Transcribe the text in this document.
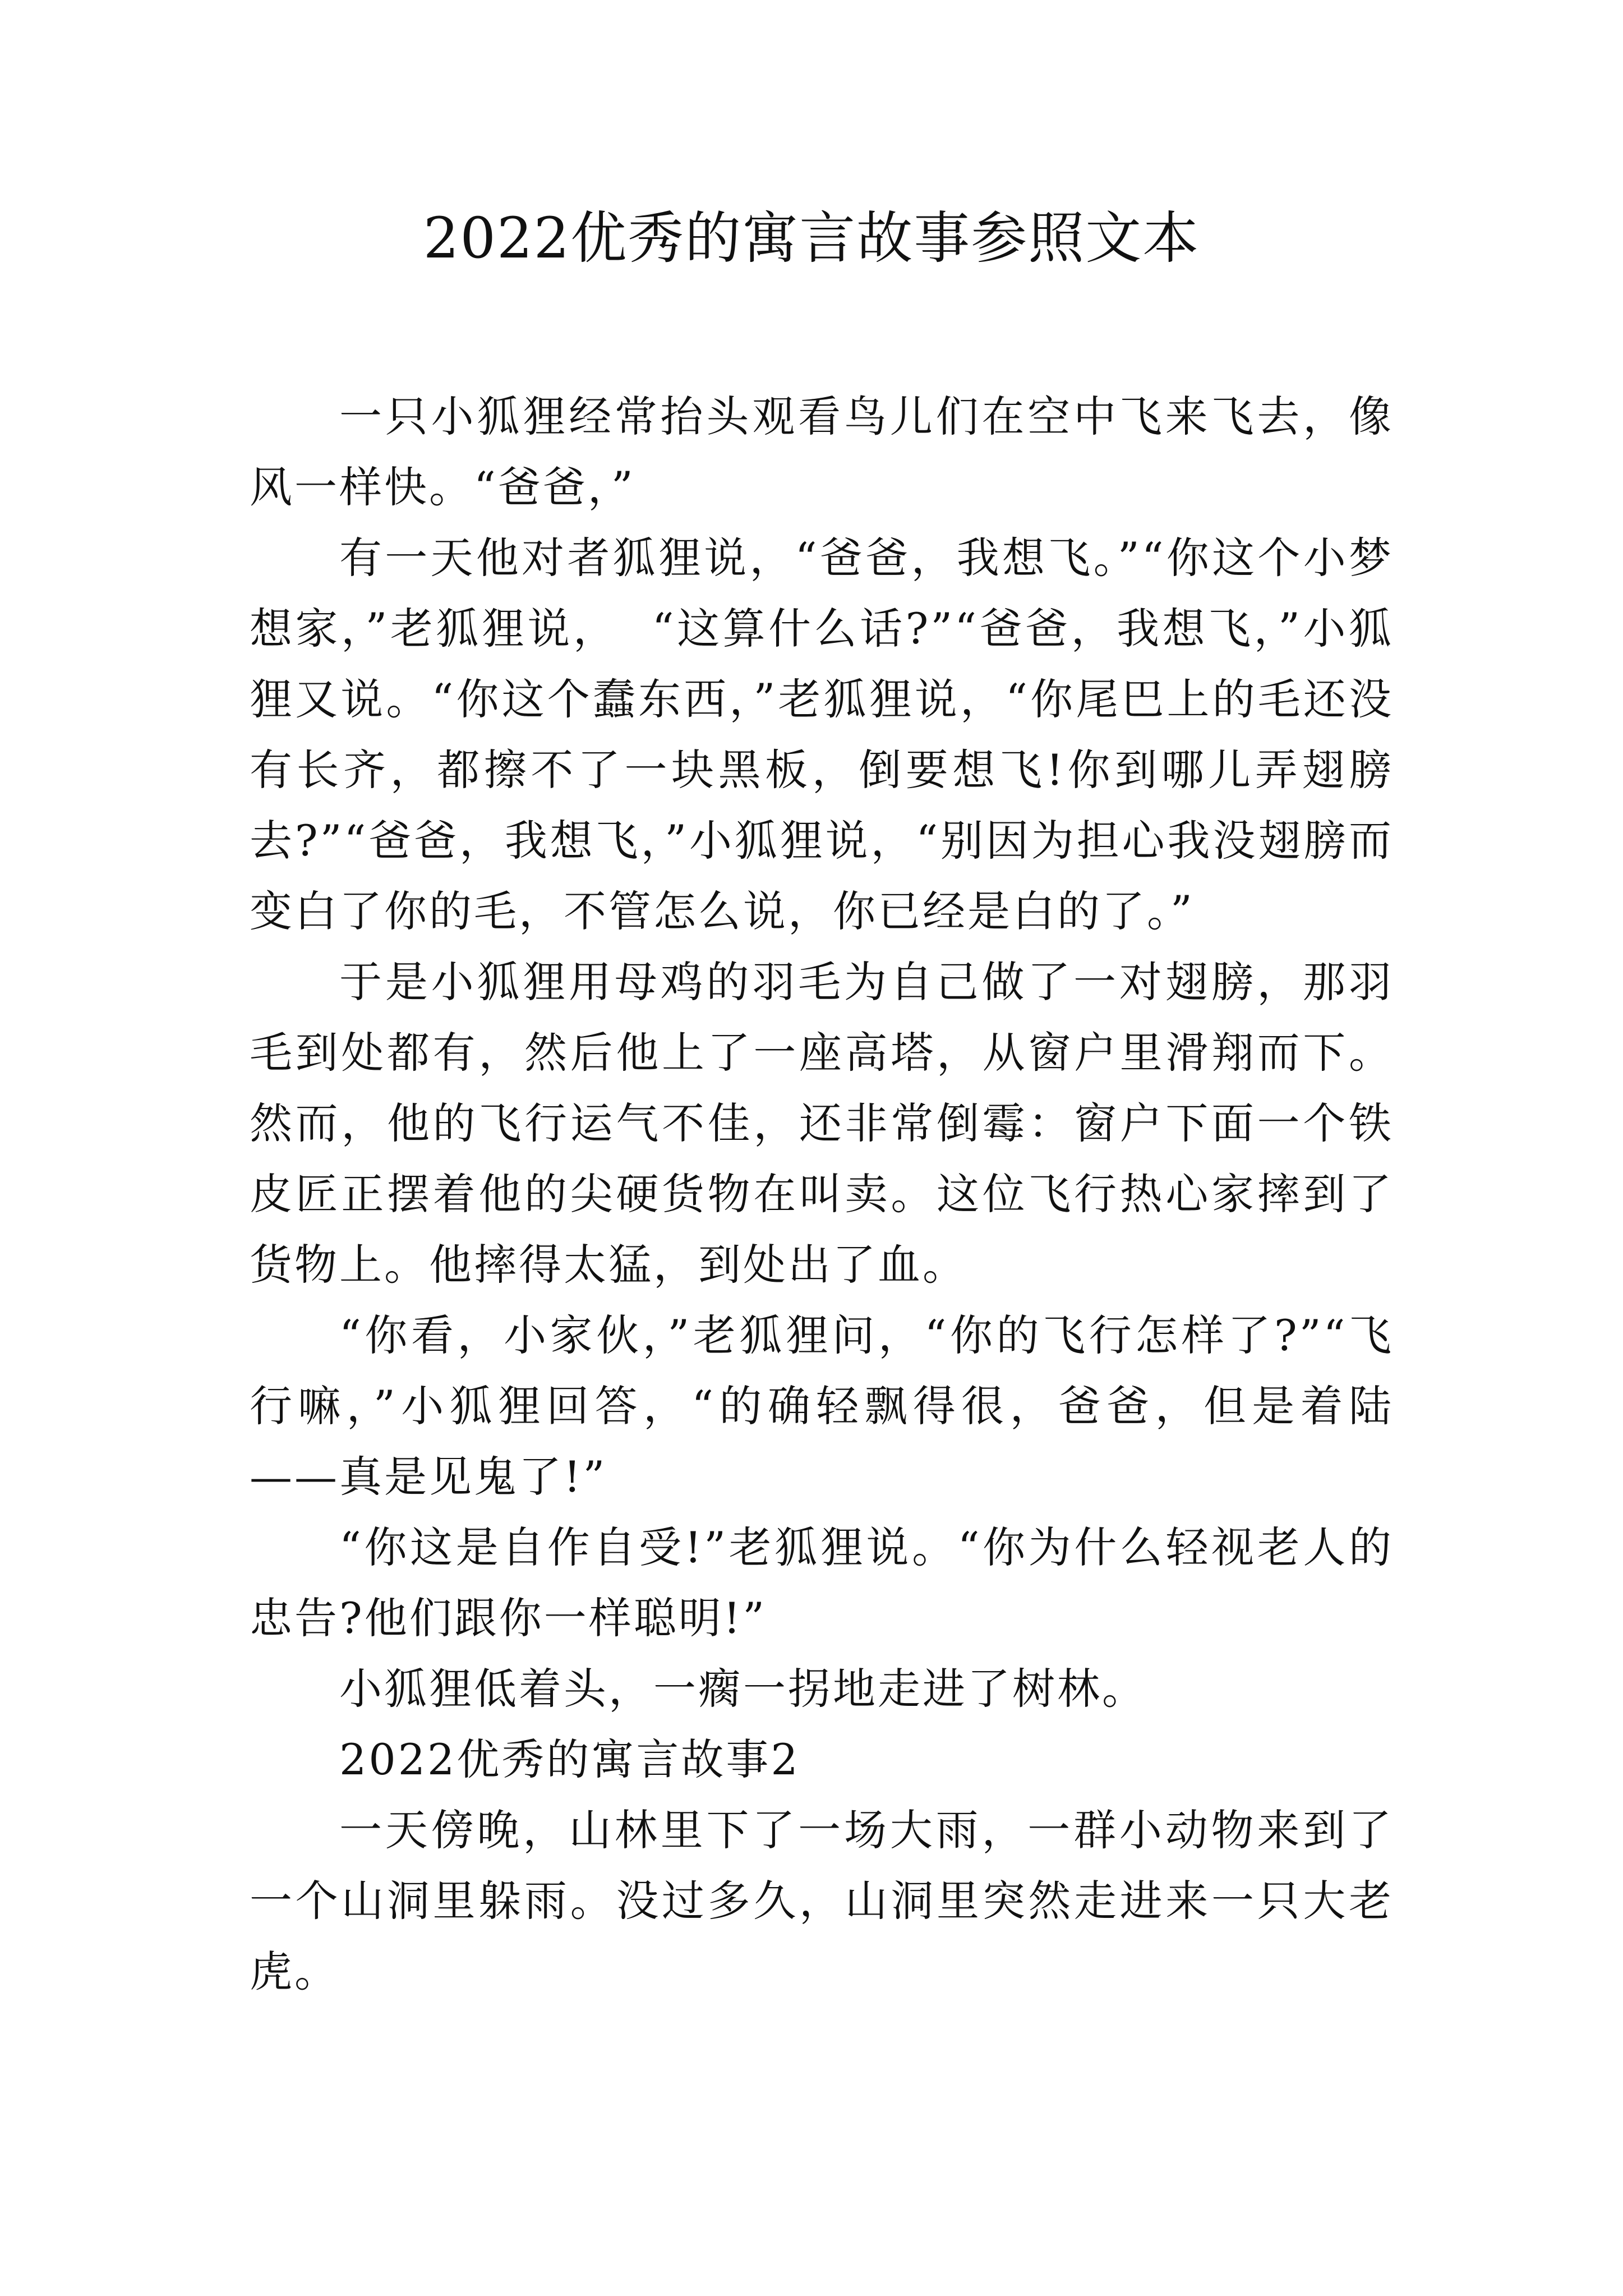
2022优秀的寓言故事参照文本

一只小狐狸经常抬头观看鸟儿们在空中飞来飞去，像风一样快。“爸爸，”

有一天他对者狐狸说，“爸爸，我想飞。”“你这个小梦想家，”老狐狸说，  “这算什么话?”“爸爸，我想飞，”小狐狸又说。“你这个蠢东西，”老狐狸说，“你尾巴上的毛还没有长齐，都擦不了一块黑板，倒要想飞!你到哪儿弄翅膀去?”“爸爸，我想飞，”小狐狸说，“别因为担心我没翅膀而变白了你的毛，不管怎么说，你已经是白的了。”

于是小狐狸用母鸡的羽毛为自己做了一对翅膀，那羽毛到处都有，然后他上了一座高塔，从窗户里滑翔而下。然而，他的飞行运气不佳，还非常倒霉：窗户下面一个铁皮匠正摆着他的尖硬货物在叫卖。这位飞行热心家摔到了货物上。他摔得太猛，到处出了血。

“你看，小家伙，”老狐狸问，“你的飞行怎样了?”“飞行嘛，”小狐狸回答，“的确轻飘得很，爸爸，但是着陆——真是见鬼了!”

“你这是自作自受!”老狐狸说。“你为什么轻视老人的忠告?他们跟你一样聪明!”

小狐狸低着头，一瘸一拐地走进了树林。

2022优秀的寓言故事2

一天傍晚，山林里下了一场大雨，一群小动物来到了一个山洞里躲雨。没过多久，山洞里突然走进来一只大老虎。
